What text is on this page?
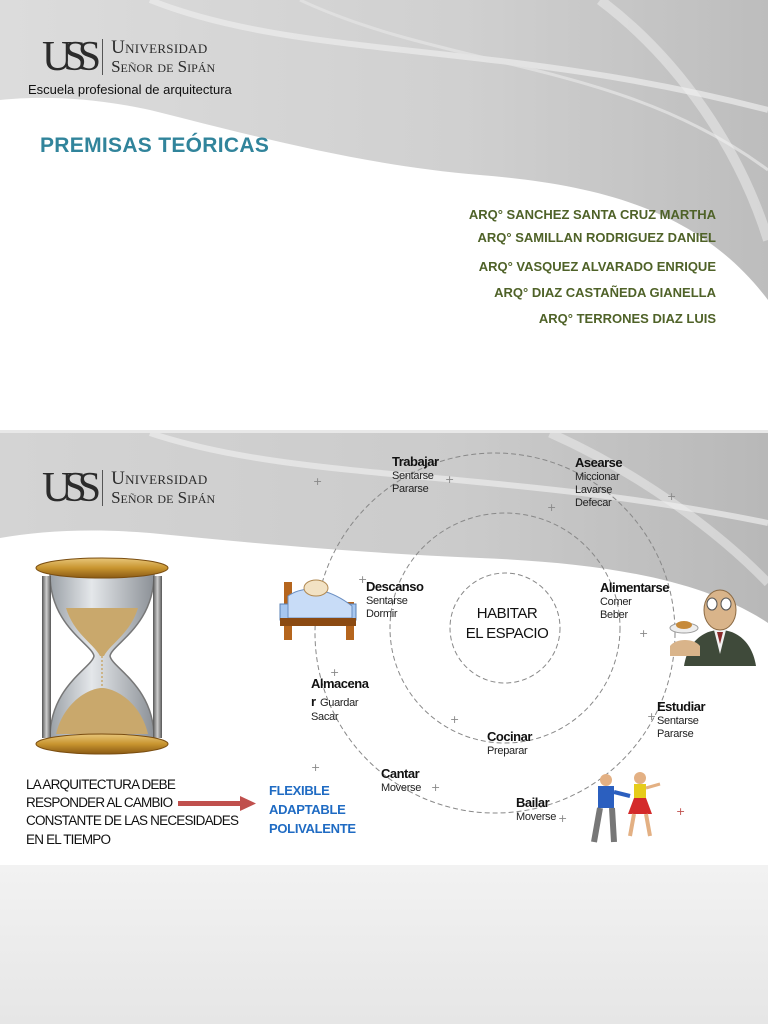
USS	Universidad
Señor de Sipán
Escuela profesional de arquitectura
PREMISAS TEÓRICAS
ARQ° SANCHEZ SANTA CRUZ MARTHA
ARQ° SAMILLAN RODRIGUEZ DANIEL
ARQ° VASQUEZ ALVARADO ENRIQUE
ARQ° DIAZ CASTAÑEDA GIANELLA
ARQ° TERRONES DIAZ LUIS
USS	Universidad
Señor de Sipán
+	+
+
+
+
+
+
+	+
+
+
+
+
HABITAR
EL ESPACIO
Trabajar
Sentarse
Pararse
Asearse
Miccionar
Lavarse
Defecar
Descanso
Sentarse
Dormir
Alimentarse
Comer
Beber
Almacena
r Guardar
Sacar
Estudiar
Sentarse
Pararse
Cocinar
Preparar
Cantar
Moverse
Bailar
Moverse
LA ARQUITECTURA DEBE
RESPONDER AL CAMBIO
CONSTANTE DE LAS NECESIDADES
EN EL TIEMPO
FLEXIBLE
ADAPTABLE
POLIVALENTE
